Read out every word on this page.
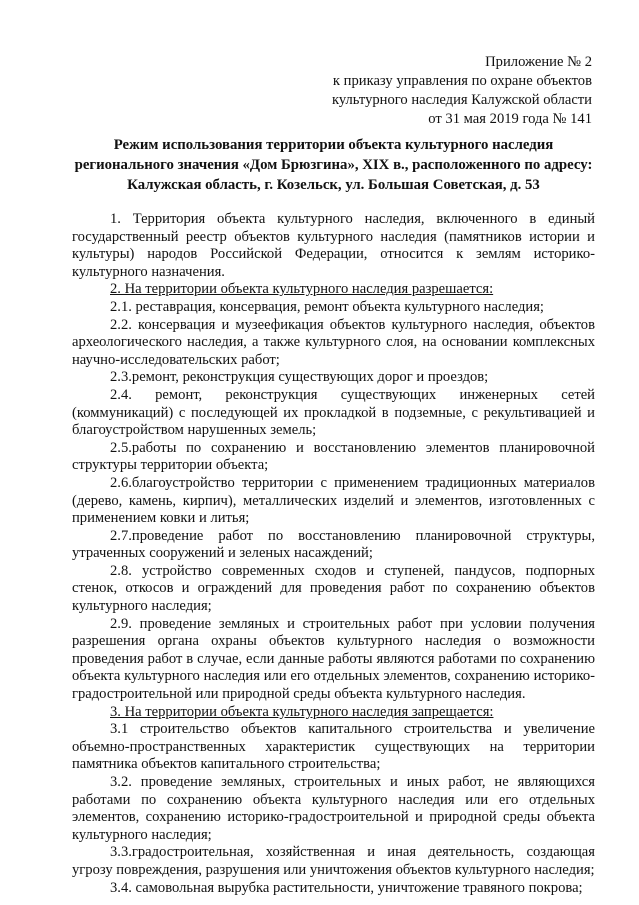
Приложение № 2
к приказу управления по охране объектов
культурного наследия Калужской области
от 31 мая 2019 года № 141
Режим использования территории объекта культурного наследия регионального значения «Дом Брюзгина», XIX в., расположенного по адресу: Калужская область, г. Козельск, ул. Большая Советская, д. 53

1. Территория объекта культурного наследия, включенного в единый государственный реестр объектов культурного наследия (памятников истории и культуры) народов Российской Федерации, относится к землям историко-культурного назначения.

2. На территории объекта культурного наследия разрешается:

2.1. реставрация, консервация, ремонт объекта культурного наследия;

2.2. консервация и музеефикация объектов культурного наследия, объектов археологического наследия, а также культурного слоя, на основании комплексных научно-исследовательских работ;

2.3.ремонт, реконструкция существующих дорог и проездов;

2.4. ремонт, реконструкция существующих инженерных сетей (коммуникаций) с последующей их прокладкой в подземные, с рекультивацией и благоустройством нарушенных земель;

2.5.работы по сохранению и восстановлению элементов планировочной структуры территории объекта;

2.6.благоустройство территории с применением традиционных материалов (дерево, камень, кирпич), металлических изделий и элементов, изготовленных с применением ковки и литья;

2.7.проведение работ по восстановлению планировочной структуры, утраченных сооружений и зеленых насаждений;

2.8. устройство современных сходов и ступеней, пандусов, подпорных стенок, откосов и ограждений для проведения работ по сохранению объектов культурного наследия;

2.9. проведение земляных и строительных работ при условии получения разрешения органа охраны объектов культурного наследия о возможности проведения работ в случае, если данные работы являются работами по сохранению объекта культурного наследия или его отдельных элементов, сохранению историко-градостроительной или природной среды объекта культурного наследия.

3. На территории объекта культурного наследия запрещается:

3.1 строительство объектов капитального строительства и увеличение объемно-пространственных характеристик существующих на территории памятника объектов капитального строительства;

3.2. проведение земляных, строительных и иных работ, не являющихся работами по сохранению объекта культурного наследия или его отдельных элементов, сохранению историко-градостроительной и природной среды объекта культурного наследия;

3.3.градостроительная, хозяйственная и иная деятельность, создающая угрозу повреждения, разрушения или уничтожения объектов культурного наследия;

3.4. самовольная вырубка растительности, уничтожение травяного покрова;
